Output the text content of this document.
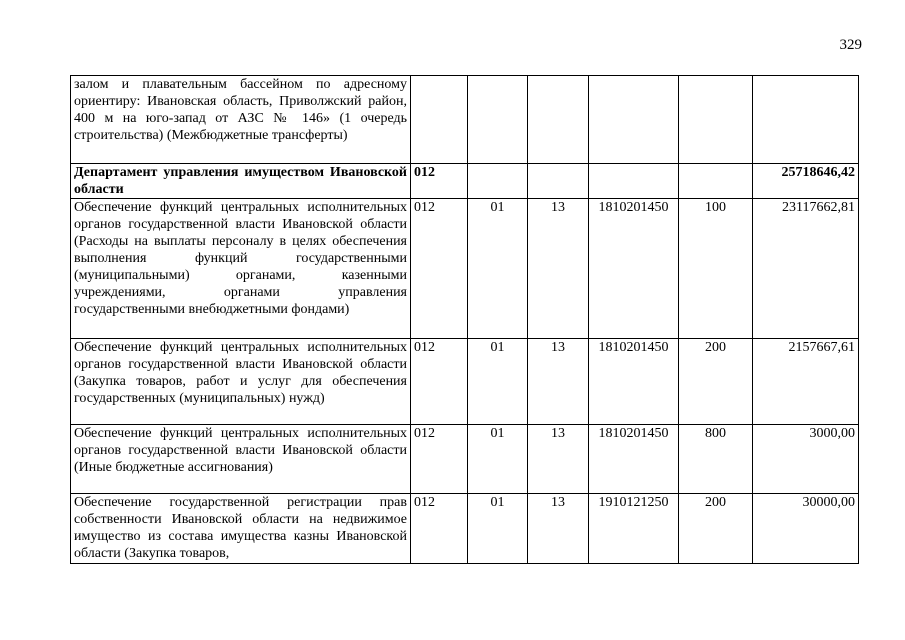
329
залом и плавательным бассейном по адресному ориентиру: Ивановская область, Приволжский район, 400 м на юго-запад от АЗС № 146» (1 очередь строительства) (Межбюджетные трансферты)						
Департамент управления имуществом Ивановской области	012					25718646,42
Обеспечение функций центральных исполнительных органов государственной власти Ивановской области (Расходы на выплаты персоналу в целях обеспечения выполнения функций государственными (муниципальными) органами, казенными учреждениями, органами управления государственными внебюджетными фондами)	012	01	13	1810201450	100	23117662,81
Обеспечение функций центральных исполнительных органов государственной власти Ивановской области (Закупка товаров, работ и услуг для обеспечения государственных (муниципальных) нужд)	012	01	13	1810201450	200	2157667,61
Обеспечение функций центральных исполнительных органов государственной власти Ивановской области (Иные бюджетные ассигнования)	012	01	13	1810201450	800	3000,00
Обеспечение государственной регистрации прав собственности Ивановской области на недвижимое имущество из состава имущества казны Ивановской области (Закупка товаров,	012	01	13	1910121250	200	30000,00
